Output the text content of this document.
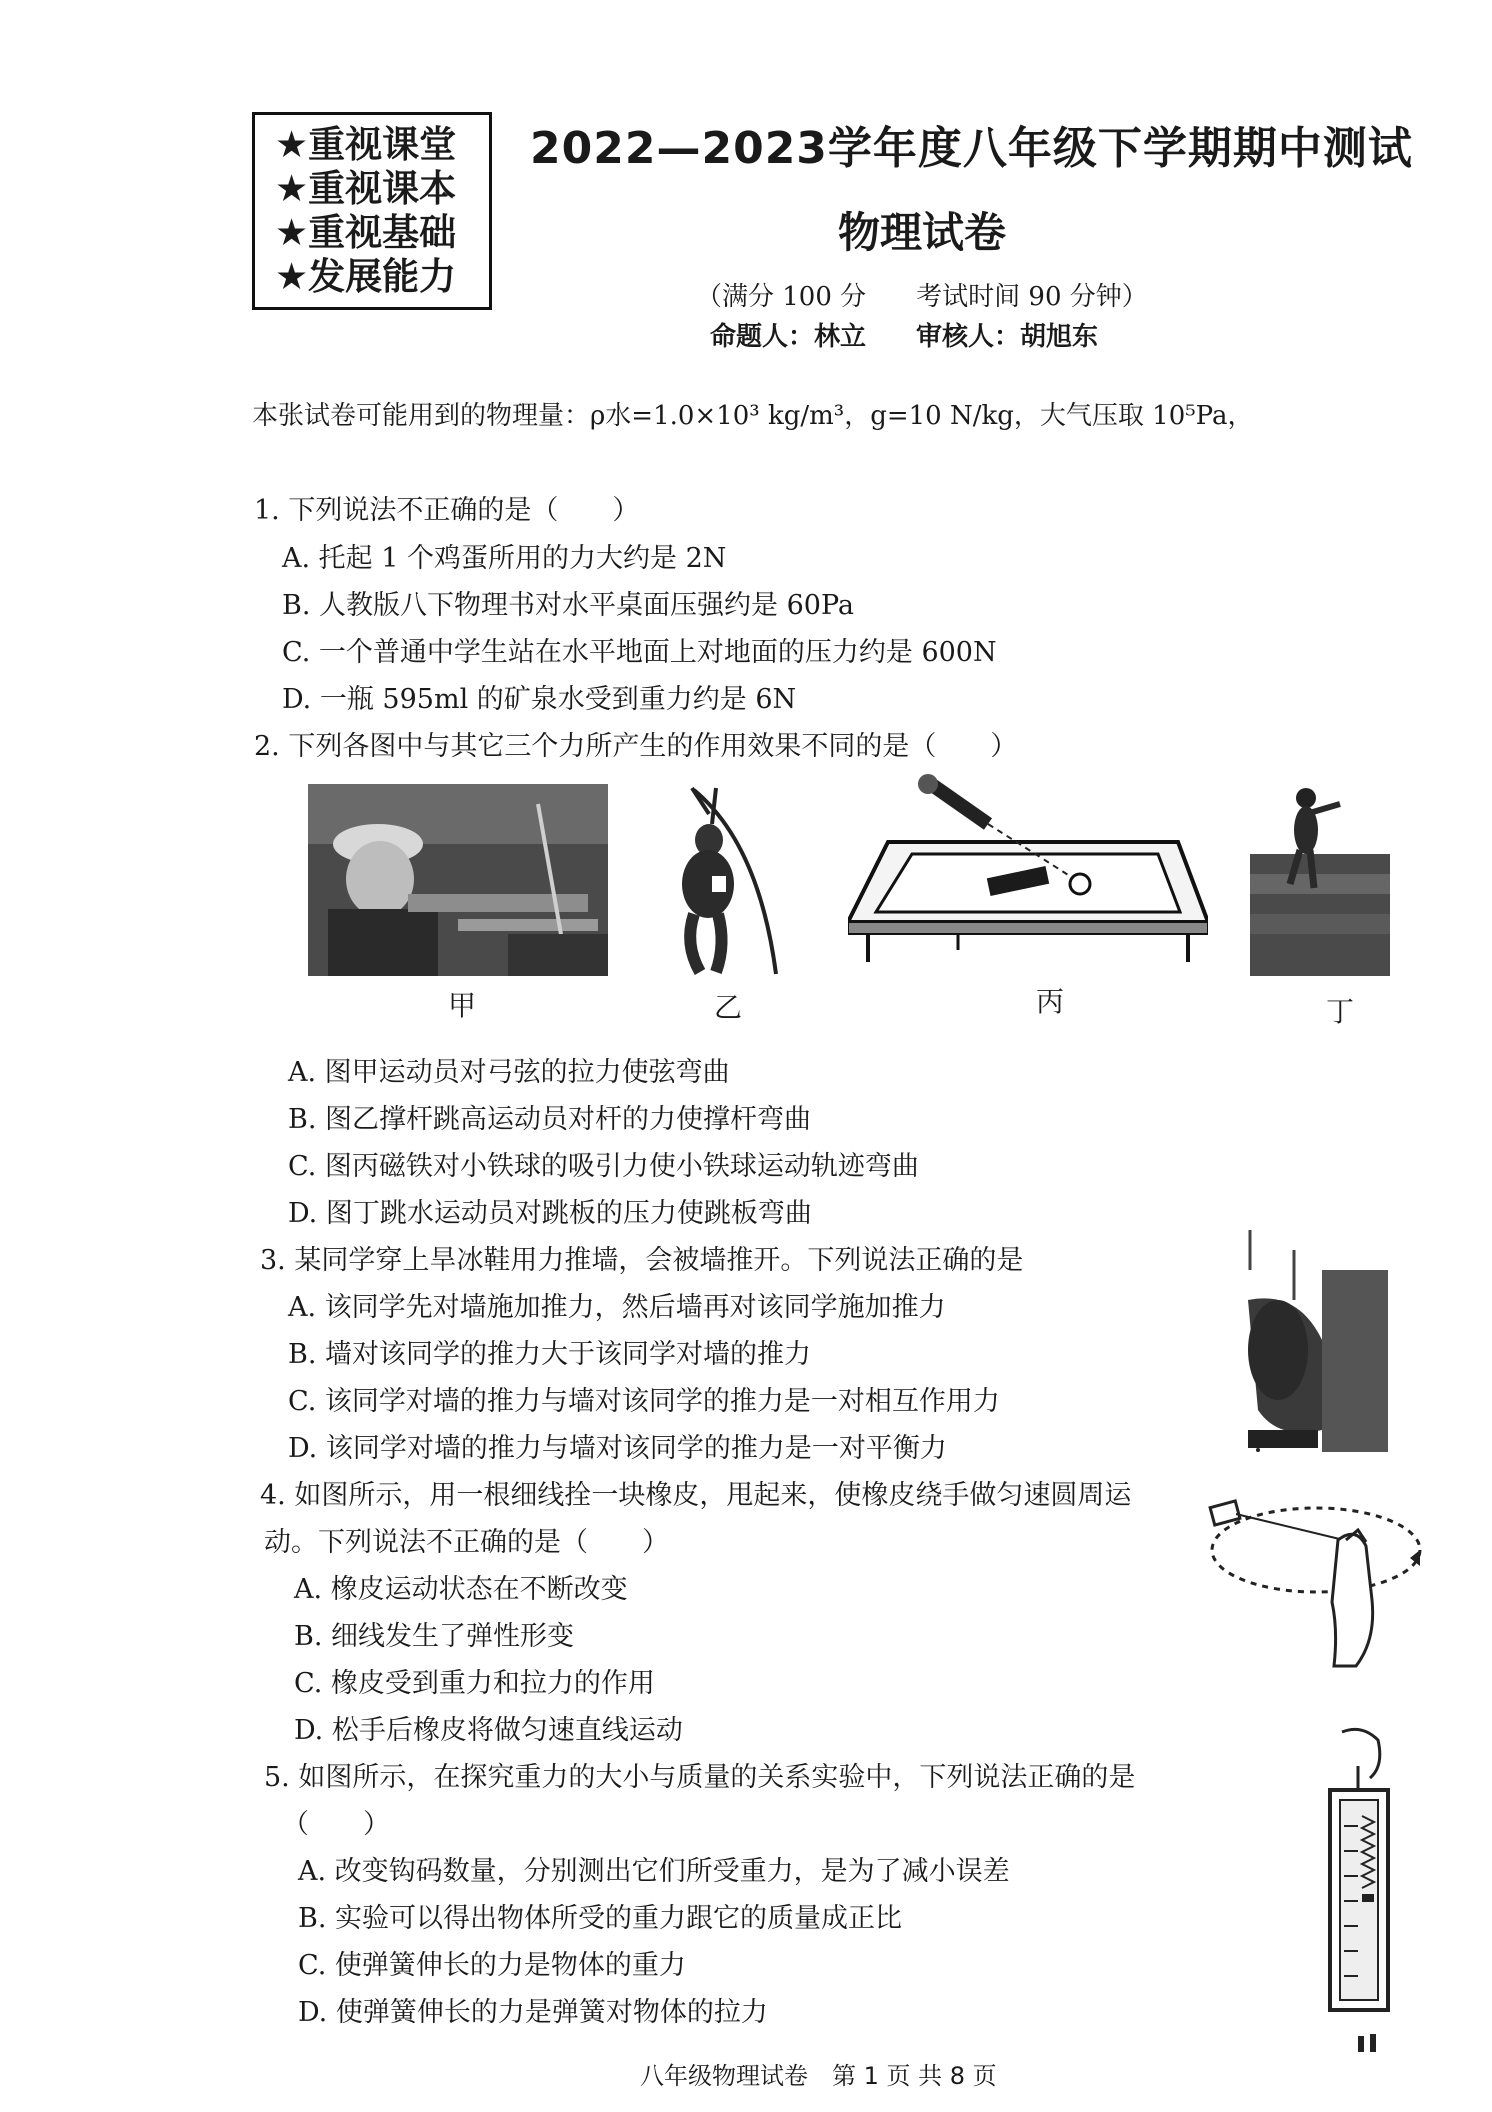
★重视课堂
★重视课本
★重视基础
★发展能力
2022—2023学年度八年级下学期期中测试
物理试卷
（满分 100 分 考试时间 90 分钟）
命题人：林立 审核人：胡旭东
本张试卷可能用到的物理量：ρ水=1.0×10³ kg/m³，g=10 N/kg，大气压取 10⁵Pa，
1. 下列说法不正确的是（　　）
A. 托起 1 个鸡蛋所用的力大约是 2N
B. 人教版八下物理书对水平桌面压强约是 60Pa
C. 一个普通中学生站在水平地面上对地面的压力约是 600N
D. 一瓶 595ml 的矿泉水受到重力约是 6N
2. 下列各图中与其它三个力所产生的作用效果不同的是（　　）
甲	乙	丙	丁
A. 图甲运动员对弓弦的拉力使弦弯曲
B. 图乙撑杆跳高运动员对杆的力使撑杆弯曲
C. 图丙磁铁对小铁球的吸引力使小铁球运动轨迹弯曲
D. 图丁跳水运动员对跳板的压力使跳板弯曲
3. 某同学穿上旱冰鞋用力推墙，会被墙推开。下列说法正确的是
A. 该同学先对墙施加推力，然后墙再对该同学施加推力
B. 墙对该同学的推力大于该同学对墙的推力
C. 该同学对墙的推力与墙对该同学的推力是一对相互作用力
D. 该同学对墙的推力与墙对该同学的推力是一对平衡力
4. 如图所示，用一根细线拴一块橡皮，甩起来，使橡皮绕手做匀速圆周运
动。下列说法不正确的是（　　）
A. 橡皮运动状态在不断改变
B. 细线发生了弹性形变
C. 橡皮受到重力和拉力的作用
D. 松手后橡皮将做匀速直线运动
5. 如图所示，在探究重力的大小与质量的关系实验中，下列说法正确的是
（　　）
A. 改变钩码数量，分别测出它们所受重力，是为了减小误差
B. 实验可以得出物体所受的重力跟它的质量成正比
C. 使弹簧伸长的力是物体的重力
D. 使弹簧伸长的力是弹簧对物体的拉力
八年级物理试卷　第 1 页 共 8 页
